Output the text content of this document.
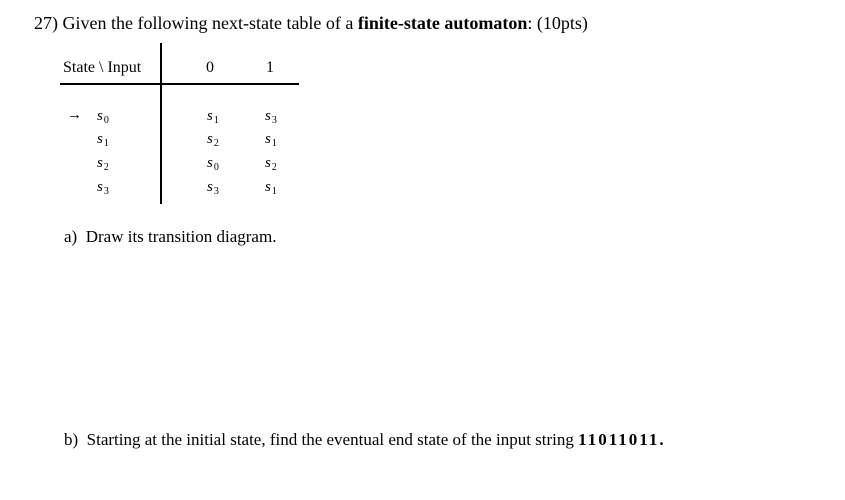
27) Given the following next-state table of a finite-state automaton: (10pts)
State \ Input	0	1
→ $s_0$	$s_1$	$s_3$
$s_1$	$s_2$	$s_1$
$s_2$	$s_0$	$s_2$
$s_3$	$s_3$	$s_1$
a) Draw its transition diagram.
b) Starting at the initial state, find the eventual end state of the input string 11011011.
